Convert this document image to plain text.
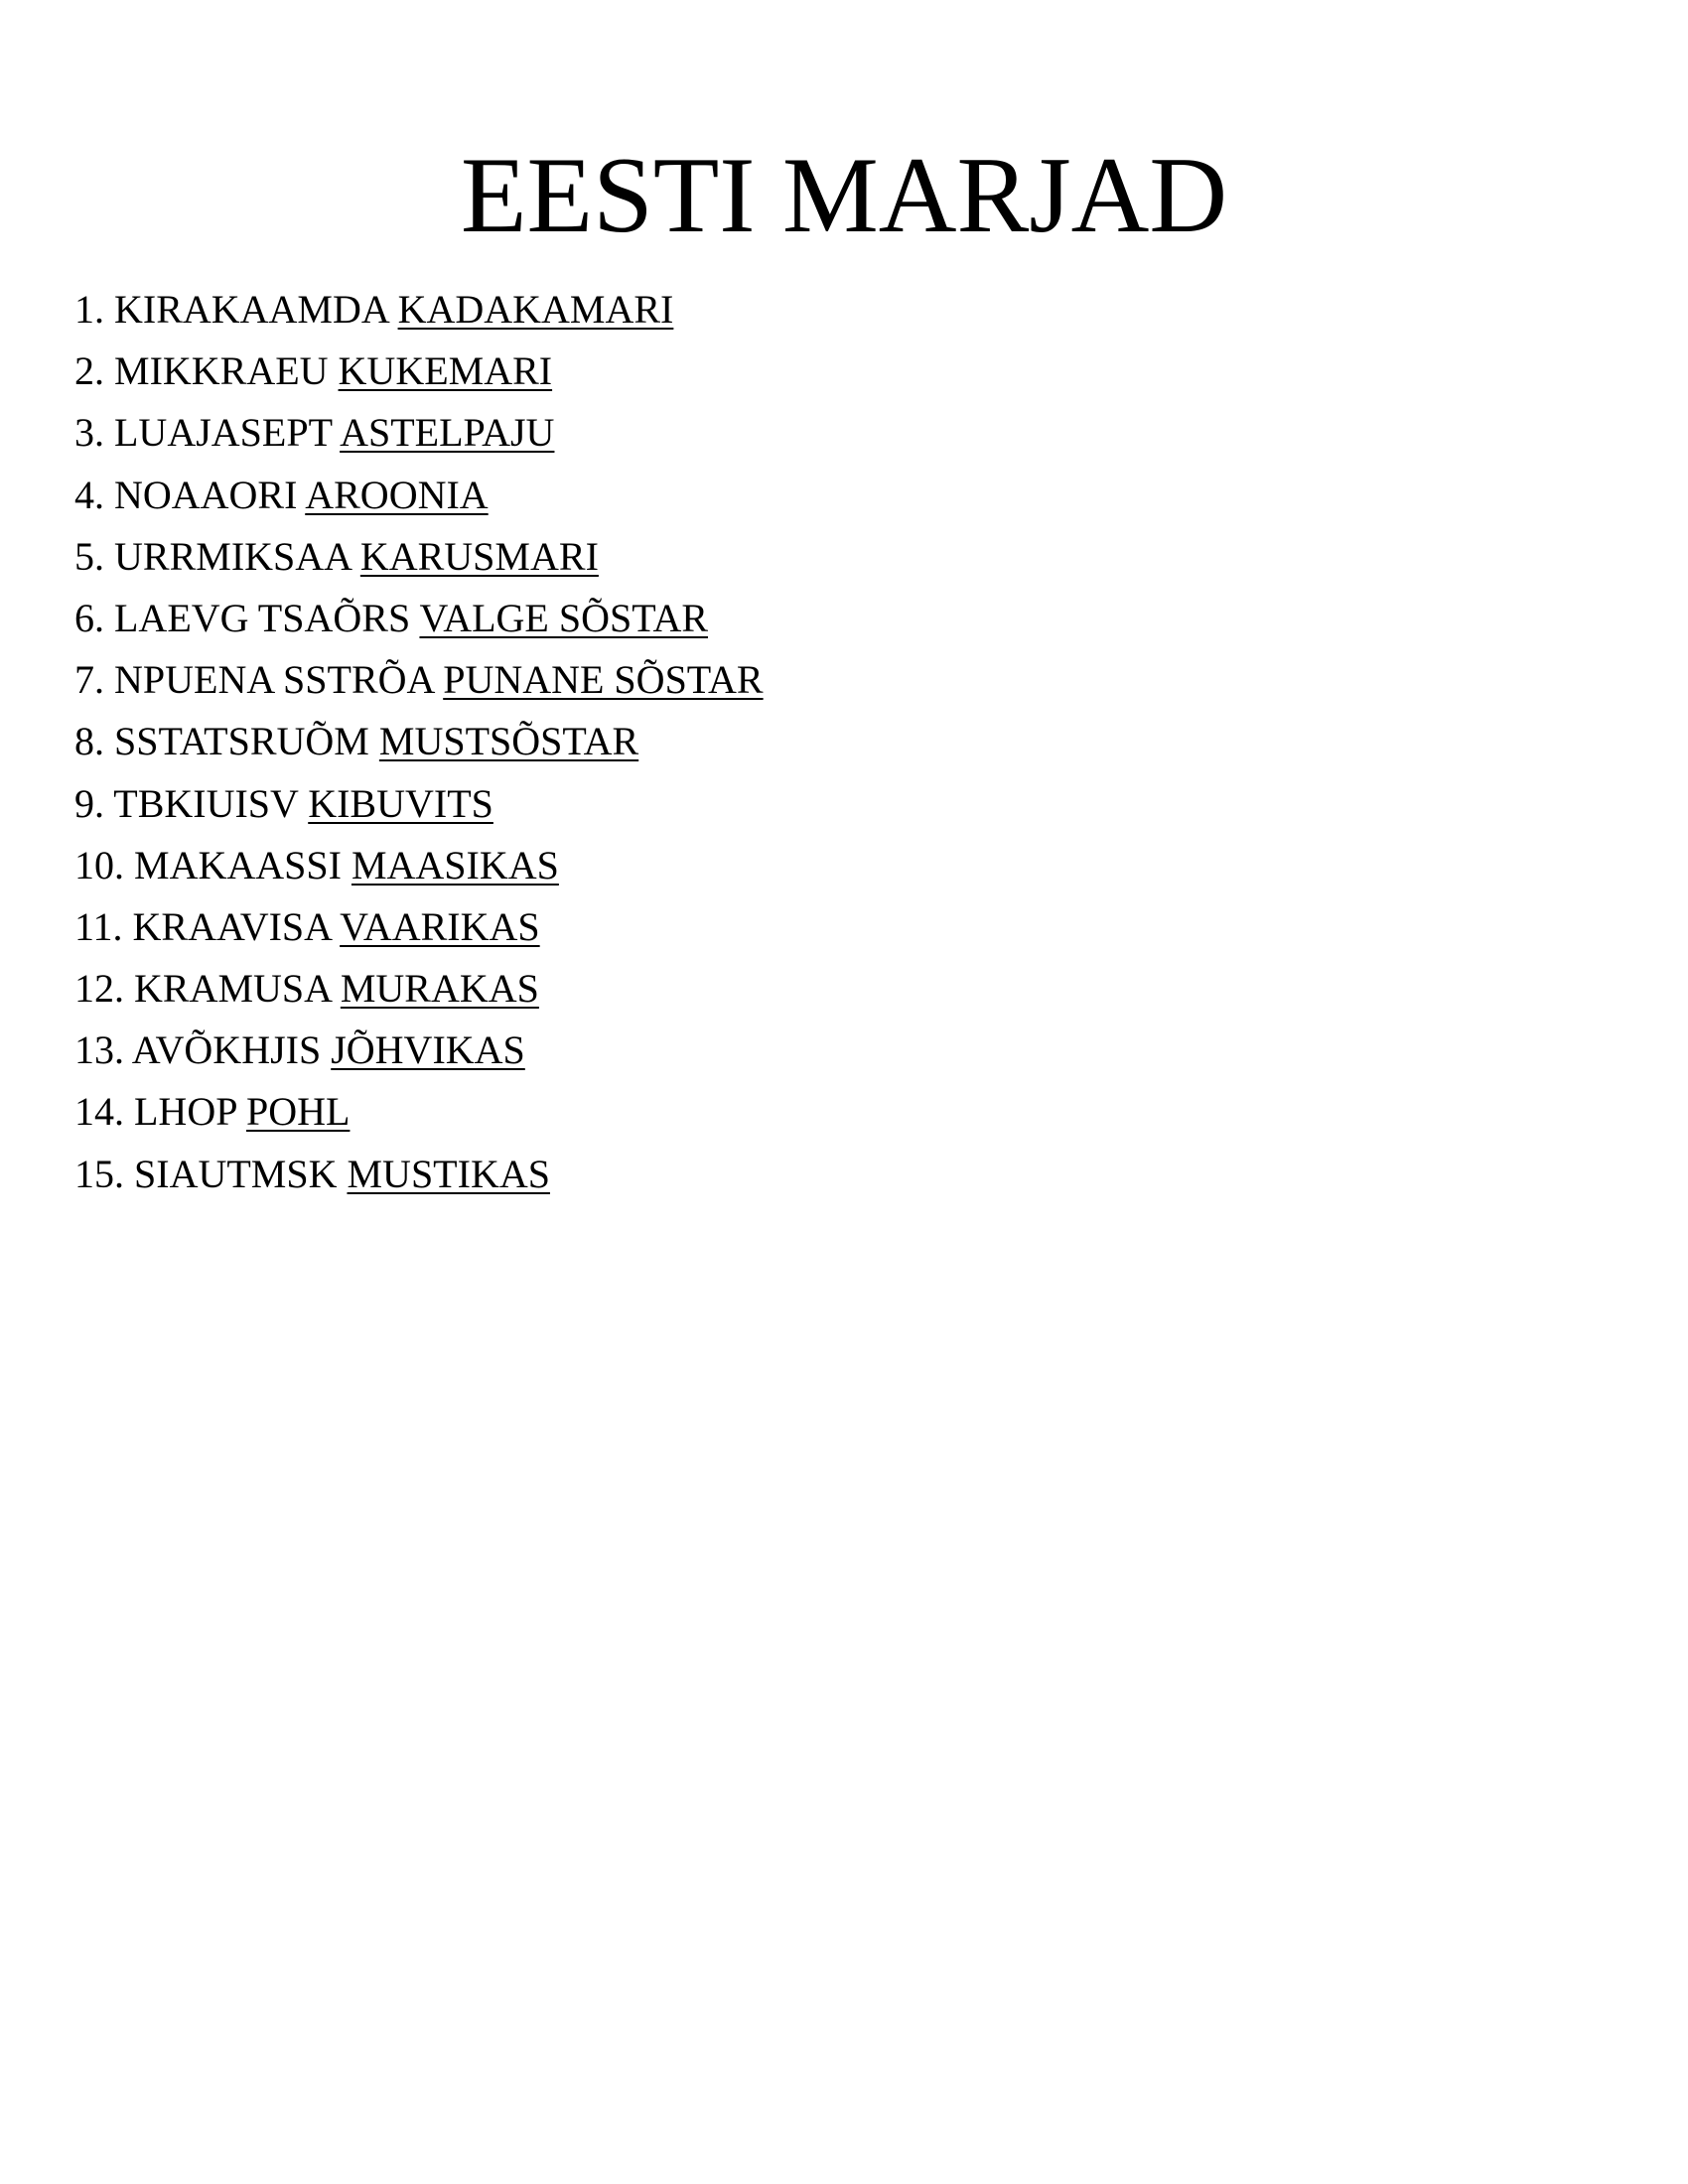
EESTI MARJAD
1. KIRAKAAMDA KADAKAMARI
2. MIKKRAEU KUKEMARI
3. LUAJASEPT ASTELPAJU
4. NOAAORI AROONIA
5. URRMIKSAA KARUSMARI
6. LAEVG TSAÕRS VALGE SÕSTAR
7. NPUENA SSTRÕA PUNANE SÕSTAR
8. SSTATSRUÕM MUSTSÕSTAR
9. TBKIUISV KIBUVITS
10. MAKAASSI MAASIKAS
11. KRAAVISA VAARIKAS
12. KRAMUSA MURAKAS
13. AVÕKHJIS JÕHVIKAS
14. LHOP POHL
15. SIAUTMSK MUSTIKAS
